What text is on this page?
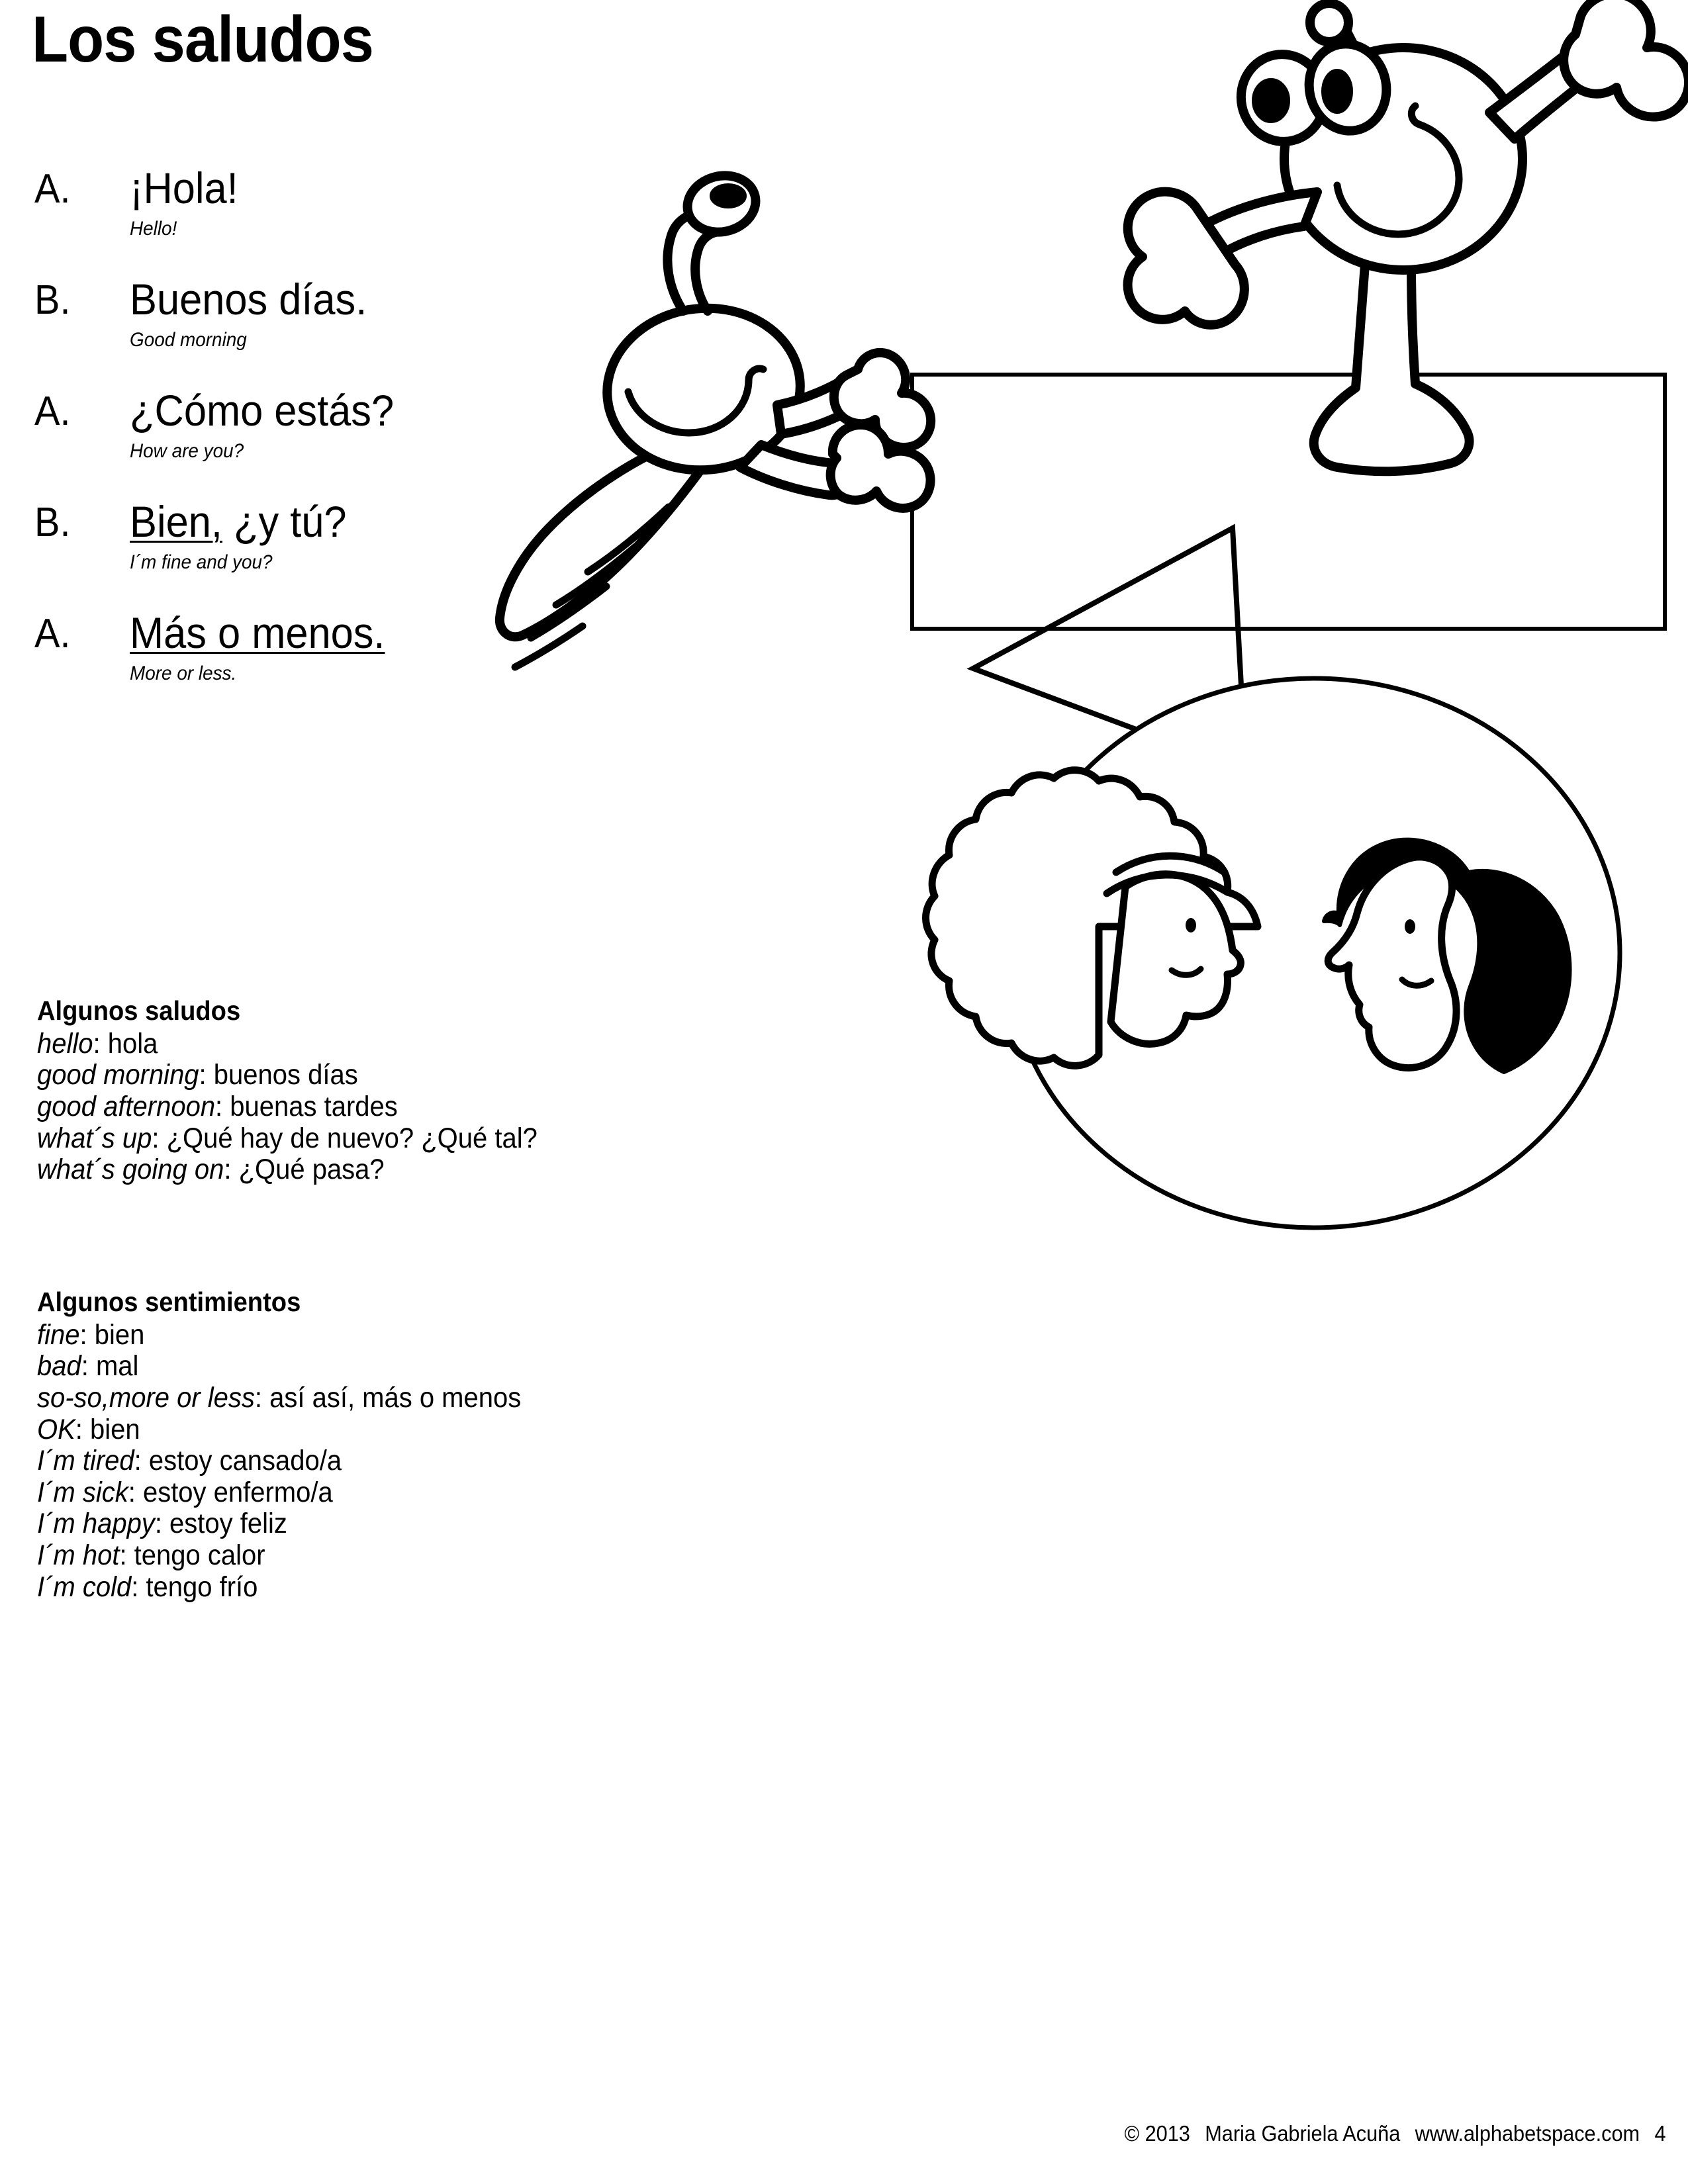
Los saludos
A. ¡Hola!
Hello!
B. Buenos días.
Good morning
A. ¿Cómo estás?
How are you?
B. Bien, ¿y tú?
I´m fine and you?
A. Más o menos.
More or less.
Algunos saludos
hello: hola
good morning: buenos días
good afternoon: buenas tardes
what´s up: ¿Qué hay de nuevo? ¿Qué tal?
what´s going on: ¿Qué pasa?
Algunos sentimientos
fine: bien
bad: mal
so-so,more or less: así así, más o menos
OK: bien
I´m tired: estoy cansado/a
I´m sick: estoy enfermo/a
I´m happy: estoy feliz
I´m hot: tengo calor
I´m cold: tengo frío
© 2013 Maria Gabriela Acuña www.alphabetspace.com 4
